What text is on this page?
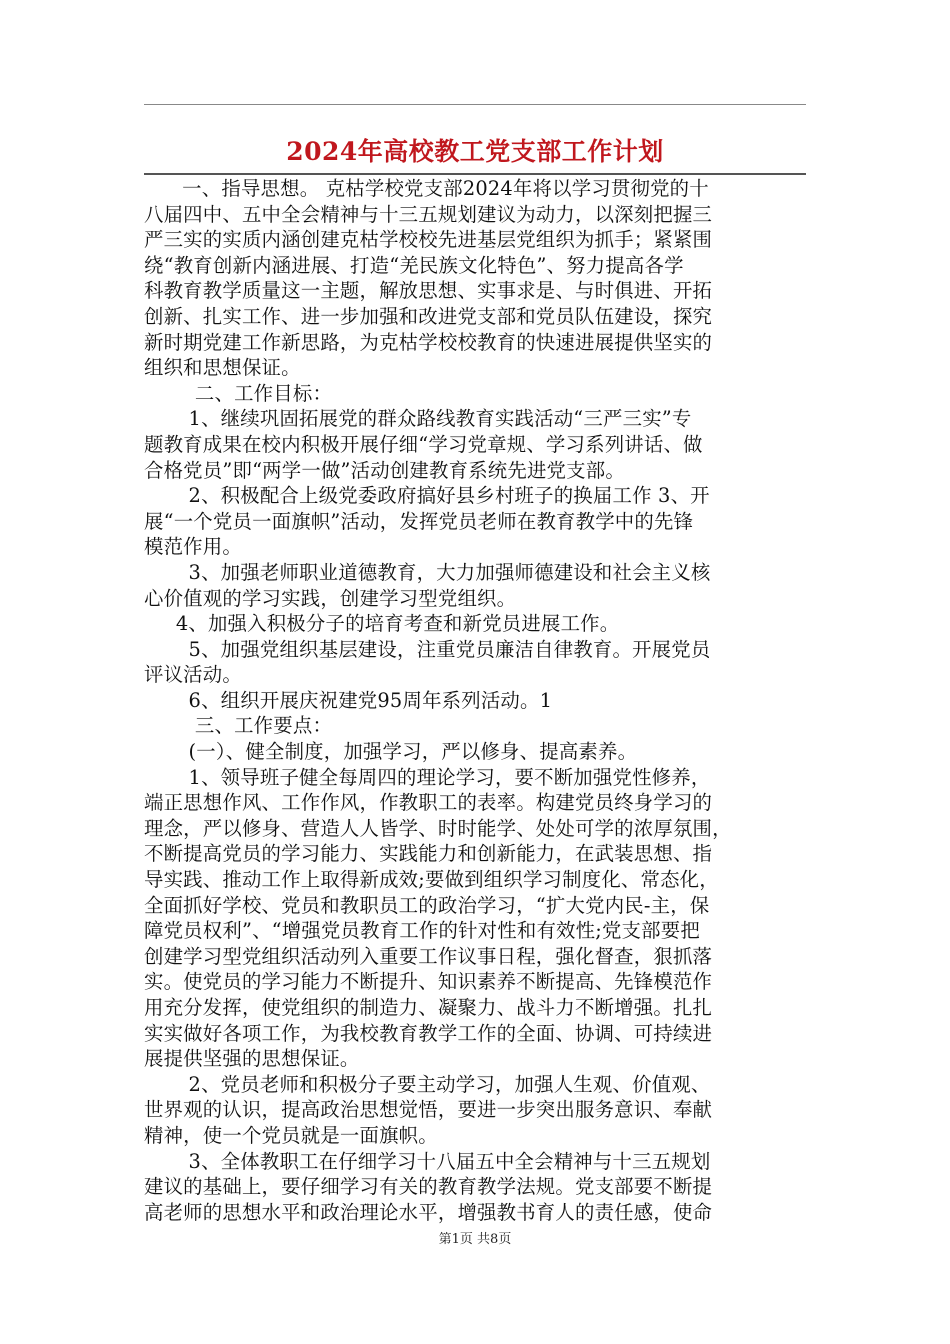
2024年高校教工党支部工作计划

一、指导思想。 克枯学校党支部2024年将以学习贯彻党的十

八届四中、五中全会精神与十三五规划建议为动力，以深刻把握三

严三实的实质内涵创建克枯学校校先进基层党组织为抓手；紧紧围

绕“教育创新内涵进展、打造“羌民族文化特色”、努力提高各学

科教育教学质量这一主题，解放思想、实事求是、与时俱进、开拓

创新、扎实工作、进一步加强和改进党支部和党员队伍建设，探究

新时期党建工作新思路，为克枯学校校教育的快速进展提供坚实的

组织和思想保证。

二、工作目标：

1、继续巩固拓展党的群众路线教育实践活动“三严三实”专

题教育成果在校内积极开展仔细“学习党章规、学习系列讲话、做

合格党员”即“两学一做”活动创建教育系统先进党支部。

2、积极配合上级党委政府搞好县乡村班子的换届工作 3、开

展“一个党员一面旗帜”活动，发挥党员老师在教育教学中的先锋

模范作用。

3、加强老师职业道德教育，大力加强师德建设和社会主义核

心价值观的学习实践，创建学习型党组织。

4、加强入积极分子的培育考查和新党员进展工作。

5、加强党组织基层建设，注重党员廉洁自律教育。开展党员

评议活动。

6、组织开展庆祝建党95周年系列活动。1

三、工作要点：

(一）、健全制度，加强学习，严以修身、提高素养。

1、领导班子健全每周四的理论学习，要不断加强党性修养，

端正思想作风、工作作风，作教职工的表率。构建党员终身学习的

理念，严以修身、营造人人皆学、时时能学、处处可学的浓厚氛围，

不断提高党员的学习能力、实践能力和创新能力，在武装思想、指

导实践、推动工作上取得新成效;要做到组织学习制度化、常态化，

全面抓好学校、党员和教职员工的政治学习，“扩大党内民-主，保

障党员权利”、“增强党员教育工作的针对性和有效性;党支部要把

创建学习型党组织活动列入重要工作议事日程，强化督查，狠抓落

实。使党员的学习能力不断提升、知识素养不断提高、先锋模范作

用充分发挥，使党组织的制造力、凝聚力、战斗力不断增强。扎扎

实实做好各项工作，为我校教育教学工作的全面、协调、可持续进

展提供坚强的思想保证。

2、党员老师和积极分子要主动学习，加强人生观、价值观、

世界观的认识，提高政治思想觉悟，要进一步突出服务意识、奉献

精神，使一个党员就是一面旗帜。

3、全体教职工在仔细学习十八届五中全会精神与十三五规划

建议的基础上，要仔细学习有关的教育教学法规。党支部要不断提

高老师的思想水平和政治理论水平，增强教书育人的责任感，使命

第1页 共8页
